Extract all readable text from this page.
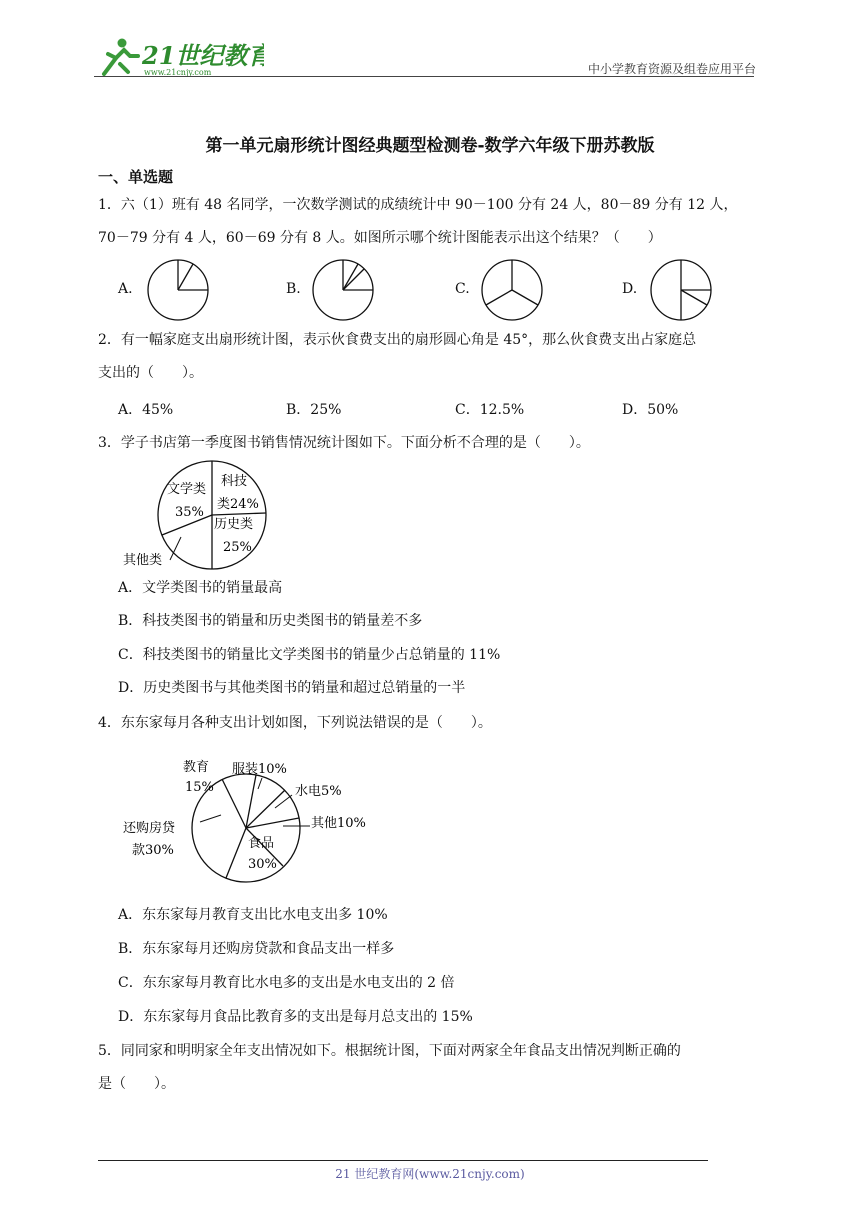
21世纪教育
www.21cnjy.com	中小学教育资源及组卷应用平台
第一单元扇形统计图经典题型检测卷-数学六年级下册苏教版
一、单选题
1．六（1）班有 48 名同学，一次数学测试的成绩统计中 90－100 分有 24 人，80－89 分有 12 人，
70－79 分有 4 人，60－69 分有 8 人。如图所示哪个统计图能表示出这个结果？（　　）
A.	B.	C.	D.
2．有一幅家庭支出扇形统计图，表示伙食费支出的扇形圆心角是 45°，那么伙食费支出占家庭总
支出的（　　）。
A．45%	B．25%	C．12.5%	D．50%
3．学子书店第一季度图书销售情况统计图如下。下面分析不合理的是（　　）。
文学类
35%
科技
类24%
历史类
25%
其他类
A．文学类图书的销量最高
B．科技类图书的销量和历史类图书的销量差不多
C．科技类图书的销量比文学类图书的销量少占总销量的 11%
D．历史类图书与其他类图书的销量和超过总销量的一半
4．东东家每月各种支出计划如图，下列说法错误的是（　　）。
教育
15%
服装10%
水电5%
其他10%
还购房贷
款30%	食品
30%
A．东东家每月教育支出比水电支出多 10%
B．东东家每月还购房贷款和食品支出一样多
C．东东家每月教育比水电多的支出是水电支出的 2 倍
D．东东家每月食品比教育多的支出是每月总支出的 15%
5．同同家和明明家全年支出情况如下。根据统计图，下面对两家全年食品支出情况判断正确的
是（　　）。
21 世纪教育网(www.21cnjy.com)
